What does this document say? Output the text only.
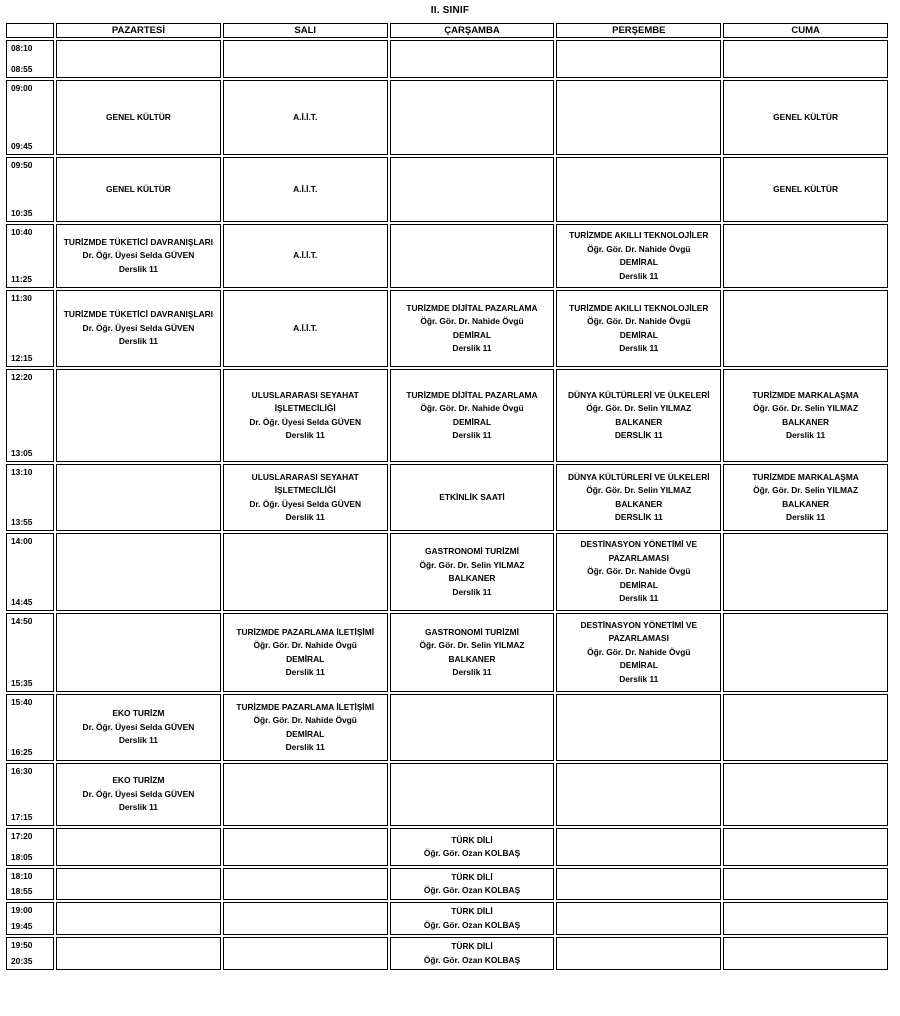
II. SINIF
	PAZARTESİ	SALI	ÇARŞAMBA	PERŞEMBE	CUMA

08:10
08:55					

09:00
09:45	GENEL KÜLTÜR	A.İ.İ.T.			GENEL KÜLTÜR

09:50
10:35	GENEL KÜLTÜR	A.İ.İ.T.			GENEL KÜLTÜR

10:40
11:25	TURİZMDE TÜKETİCİ DAVRANIŞLARI
Dr. Öğr. Üyesi Selda GÜVEN
Derslik 11	A.İ.İ.T.		TURİZMDE AKILLI TEKNOLOJİLER
Öğr. Gör. Dr. Nahide Övgü
DEMİRAL
Derslik 11	

11:30
12:15	TURİZMDE TÜKETİCİ DAVRANIŞLARI
Dr. Öğr. Üyesi Selda GÜVEN
Derslik 11	A.İ.İ.T.	TURİZMDE DİJİTAL PAZARLAMA
Öğr. Gör. Dr. Nahide Övgü
DEMİRAL
Derslik 11	TURİZMDE AKILLI TEKNOLOJİLER
Öğr. Gör. Dr. Nahide Övgü
DEMİRAL
Derslik 11	

12:20
13:05		ULUSLARARASI SEYAHAT
İŞLETMECİLİĞİ
Dr. Öğr. Üyesi Selda GÜVEN
Derslik 11	TURİZMDE DİJİTAL PAZARLAMA
Öğr. Gör. Dr. Nahide Övgü
DEMİRAL
Derslik 11	DÜNYA KÜLTÜRLERİ VE ÜLKELERİ
Öğr. Gör. Dr. Selin YILMAZ
BALKANER
DERSLİK 11	TURİZMDE MARKALAŞMA
Öğr. Gör. Dr. Selin YILMAZ
BALKANER
Derslik 11

13:10
13:55		ULUSLARARASI SEYAHAT
İŞLETMECİLİĞİ
Dr. Öğr. Üyesi Selda GÜVEN
Derslik 11	ETKİNLİK SAATİ	DÜNYA KÜLTÜRLERİ VE ÜLKELERİ
Öğr. Gör. Dr. Selin YILMAZ
BALKANER
DERSLİK 11	TURİZMDE MARKALAŞMA
Öğr. Gör. Dr. Selin YILMAZ
BALKANER
Derslik 11

14:00
14:45			GASTRONOMİ TURİZMİ
Öğr. Gör. Dr. Selin YILMAZ
BALKANER
Derslik 11	DESTİNASYON YÖNETİMİ VE
PAZARLAMASI
Öğr. Gör. Dr. Nahide Övgü
DEMİRAL
Derslik 11	

14:50
15:35		TURİZMDE PAZARLAMA İLETİŞİMİ
Öğr. Gör. Dr. Nahide Övgü
DEMİRAL
Derslik 11	GASTRONOMİ TURİZMİ
Öğr. Gör. Dr. Selin YILMAZ
BALKANER
Derslik 11	DESTİNASYON YÖNETİMİ VE
PAZARLAMASI
Öğr. Gör. Dr. Nahide Övgü
DEMİRAL
Derslik 11	

15:40
16:25	EKO TURİZM
Dr. Öğr. Üyesi Selda GÜVEN
Derslik 11	TURİZMDE PAZARLAMA İLETİŞİMİ
Öğr. Gör. Dr. Nahide Övgü
DEMİRAL
Derslik 11			

16:30
17:15	EKO TURİZM
Dr. Öğr. Üyesi Selda GÜVEN
Derslik 11				

17:20
18:05			TÜRK DİLİ
Öğr. Gör. Ozan KOLBAŞ		

18:10
18:55			TÜRK DİLİ
Öğr. Gör. Ozan KOLBAŞ		

19:00
19:45			TÜRK DİLİ
Öğr. Gör. Ozan KOLBAŞ		

19:50
20:35			TÜRK DİLİ
Öğr. Gör. Ozan KOLBAŞ		
